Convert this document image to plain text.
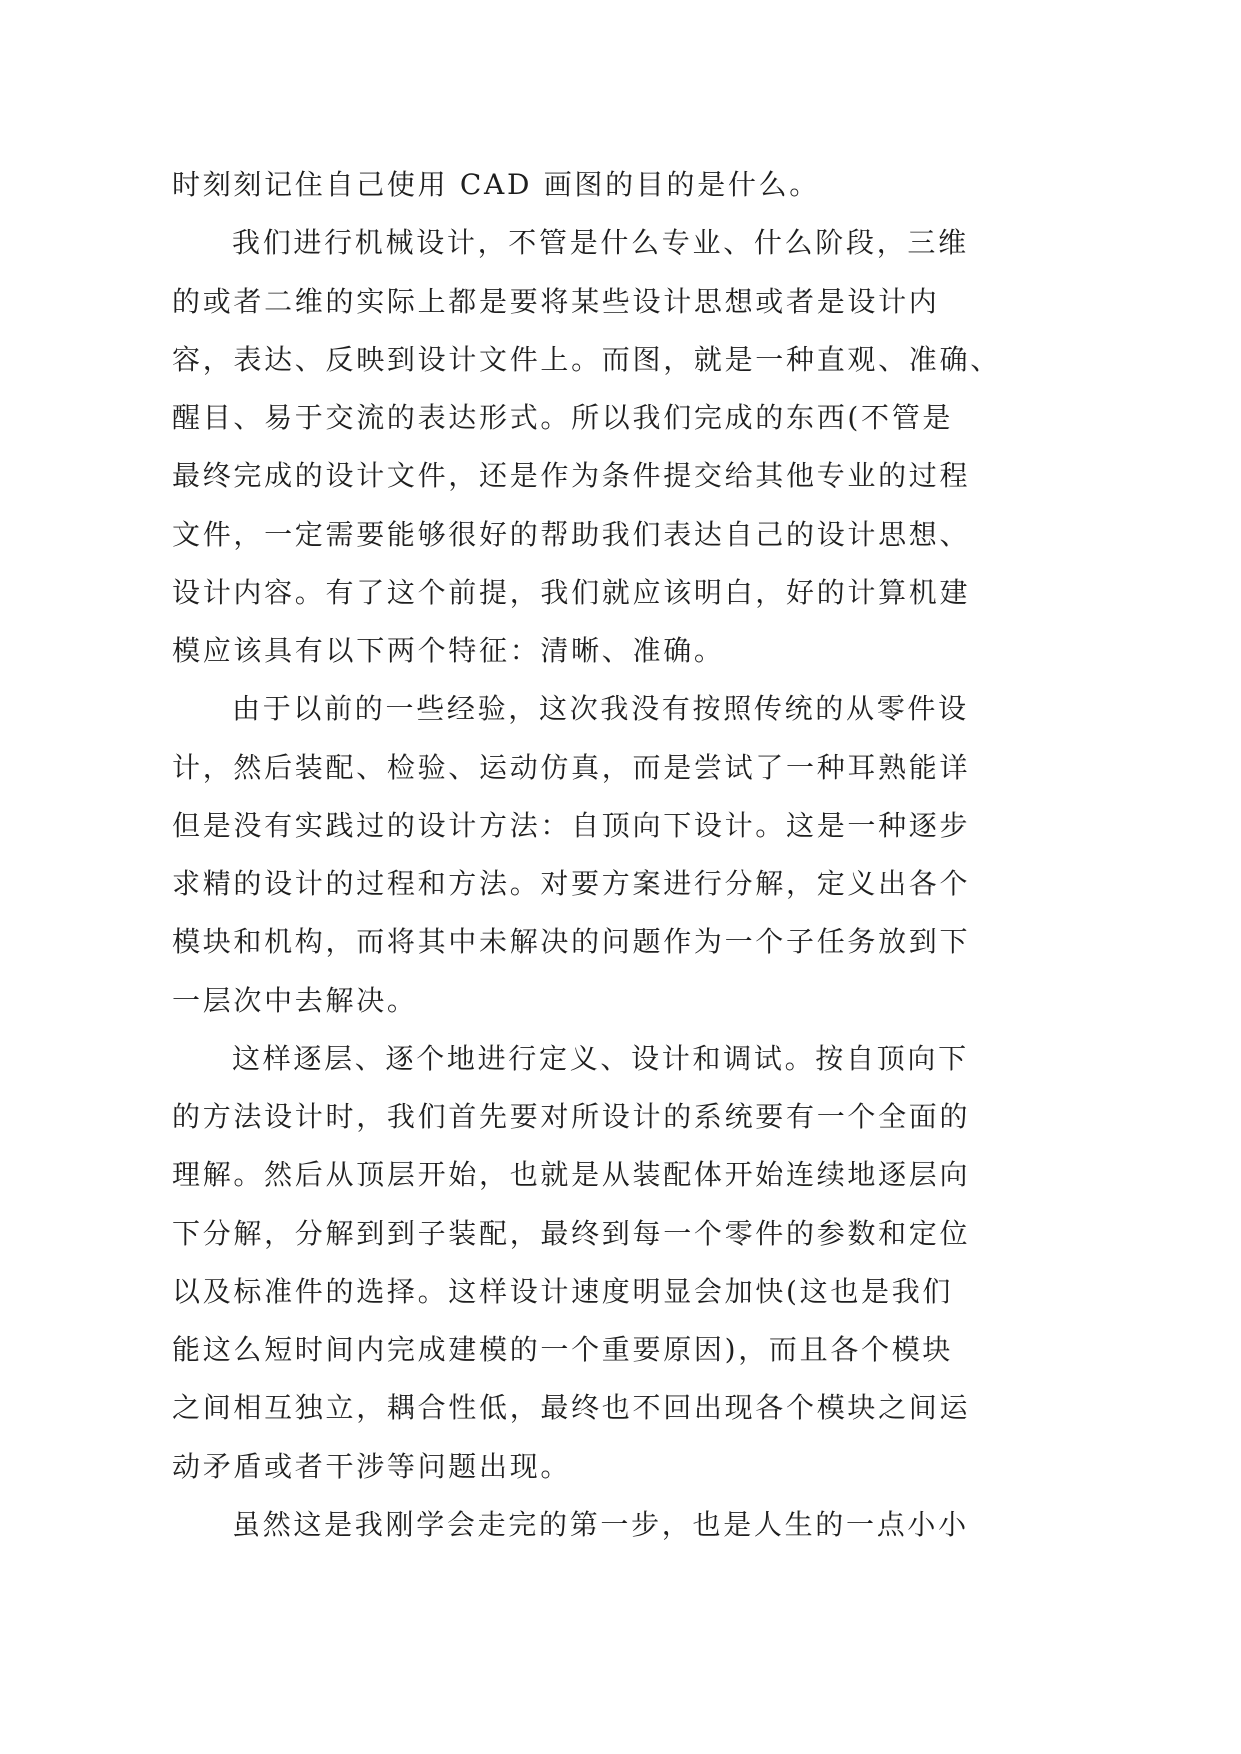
时刻刻记住自己使用 CAD 画图的目的是什么。
我们进行机械设计，不管是什么专业、什么阶段，三维
的或者二维的实际上都是要将某些设计思想或者是设计内
容，表达、反映到设计文件上。而图，就是一种直观、准确、
醒目、易于交流的表达形式。所以我们完成的东西(不管是
最终完成的设计文件，还是作为条件提交给其他专业的过程
文件，一定需要能够很好的帮助我们表达自己的设计思想、
设计内容。有了这个前提，我们就应该明白，好的计算机建
模应该具有以下两个特征：清晰、准确。
由于以前的一些经验，这次我没有按照传统的从零件设
计，然后装配、检验、运动仿真，而是尝试了一种耳熟能详
但是没有实践过的设计方法：自顶向下设计。这是一种逐步
求精的设计的过程和方法。对要方案进行分解，定义出各个
模块和机构，而将其中未解决的问题作为一个子任务放到下
一层次中去解决。
这样逐层、逐个地进行定义、设计和调试。按自顶向下
的方法设计时，我们首先要对所设计的系统要有一个全面的
理解。然后从顶层开始，也就是从装配体开始连续地逐层向
下分解，分解到到子装配，最终到每一个零件的参数和定位
以及标准件的选择。这样设计速度明显会加快(这也是我们
能这么短时间内完成建模的一个重要原因)，而且各个模块
之间相互独立，耦合性低，最终也不回出现各个模块之间运
动矛盾或者干涉等问题出现。
虽然这是我刚学会走完的第一步，也是人生的一点小小
